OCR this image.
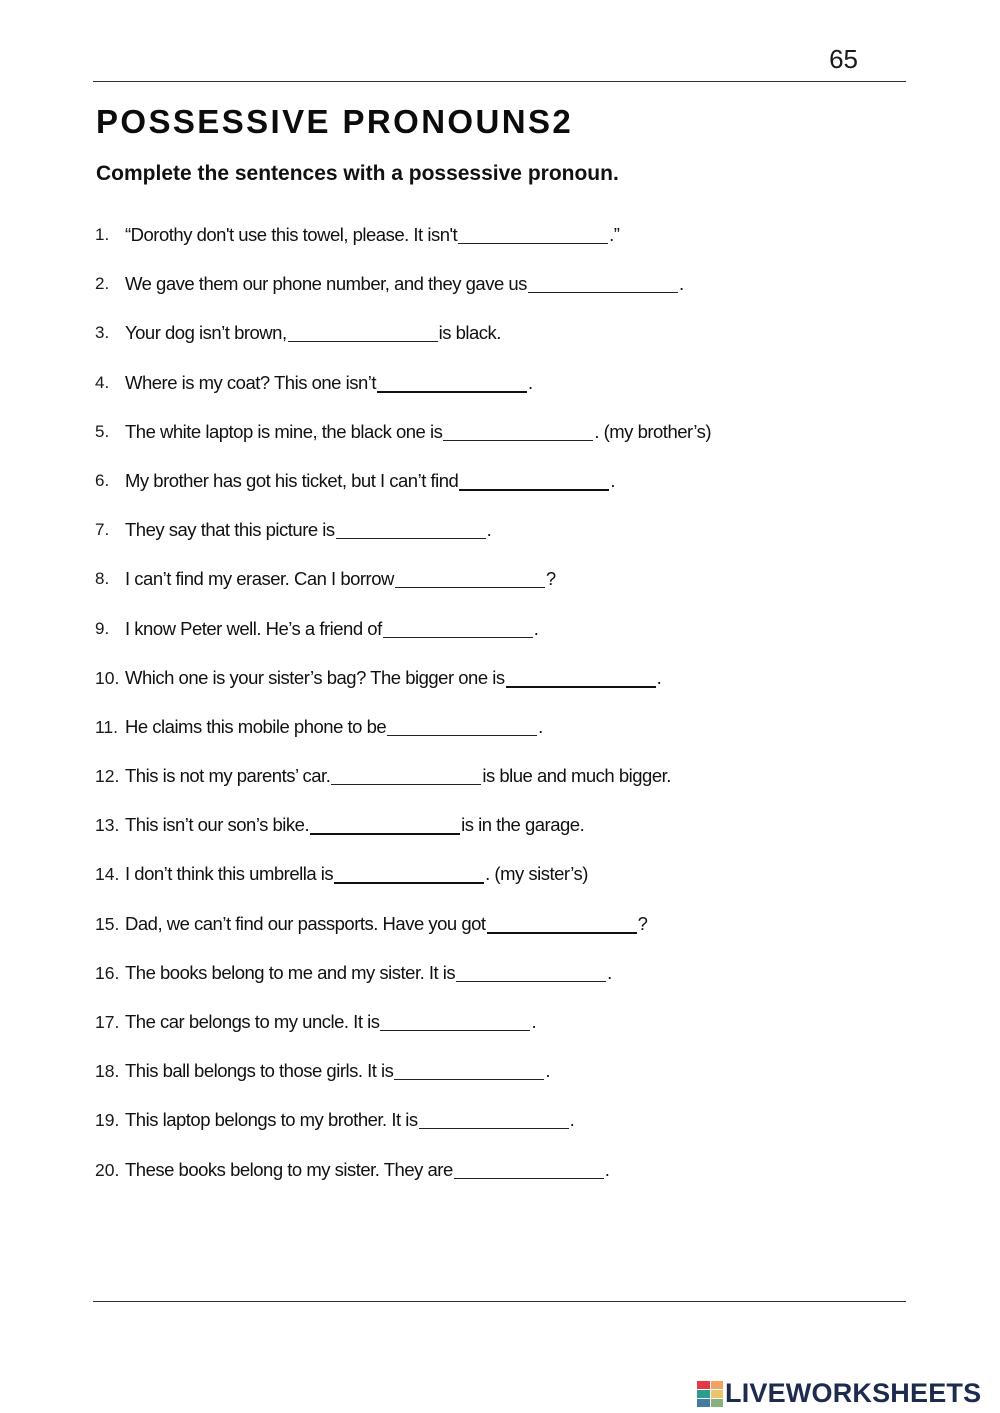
65
POSSESSIVE PRONOUNS2
Complete the sentences with a possessive pronoun.
1. “Dorothy don't use this towel, please. It isn't	.”
2. We gave them our phone number, and they gave us	.
3. Your dog isn’t brown,	is black.
4. Where is my coat? This one isn’t	.
5. The white laptop is mine, the black one is	. (my brother’s)
6. My brother has got his ticket, but I can’t find	.
7. They say that this picture is	.
8. I can’t find my eraser. Can I borrow	?
9. I know Peter well. He’s a friend of	.
10. Which one is your sister’s bag? The bigger one is	.
11. He claims this mobile phone to be	.
12. This is not my parents’ car.	is blue and much bigger.
13. This isn’t our son’s bike.	is in the garage.
14. I don’t think this umbrella is	. (my sister’s)
15. Dad, we can’t find our passports. Have you got	?
16. The books belong to me and my sister. It is	.
17. The car belongs to my uncle. It is	.
18. This ball belongs to those girls. It is	.
19. This laptop belongs to my brother. It is	.
20. These books belong to my sister. They are	.
LIVEWORKSHEETS
